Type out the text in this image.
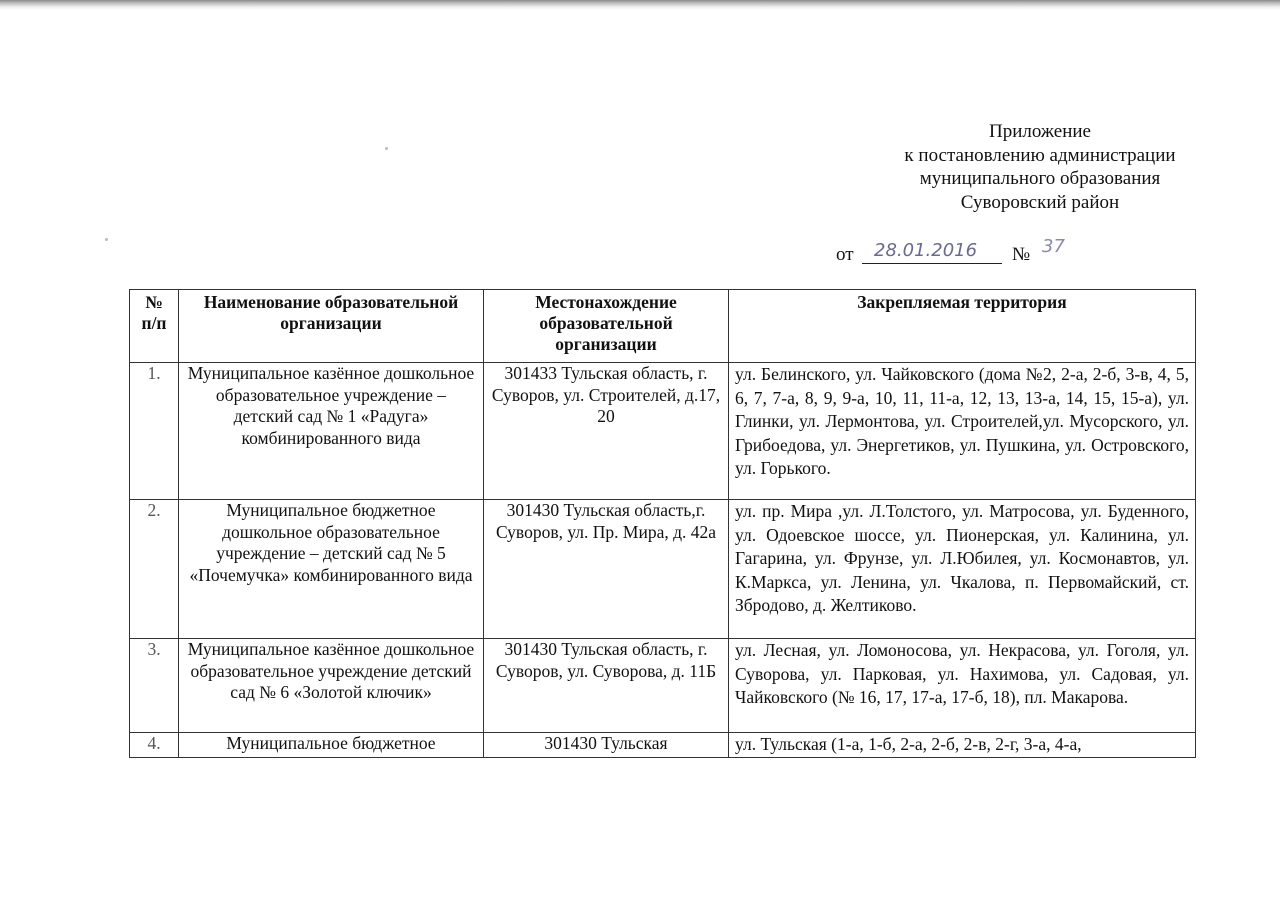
Приложение
к постановлению администрации
муниципального образования
Суворовский район
от	28.01.2016	№ 37
№ п/п	Наименование образовательной организации	Местонахождение образовательной организации	Закрепляемая территория
1.	Муниципальное казённое дошкольное образовательное учреждение – детский сад № 1 «Радуга» комбинированного вида	301433 Тульская область, г. Суворов, ул. Строителей, д.17, 20	ул. Белинского, ул. Чайковского (дома №2, 2-а, 2-б, 3-в, 4, 5, 6, 7, 7-а, 8, 9, 9-а, 10, 11, 11-а, 12, 13, 13-а, 14, 15, 15-а), ул. Глинки, ул. Лермонтова, ул. Строителей,ул. Мусорского, ул. Грибоедова, ул. Энергетиков, ул. Пушкина, ул. Островского, ул. Горького.
2.	Муниципальное бюджетное дошкольное образовательное учреждение – детский сад № 5 «Почемучка» комбинированного вида	301430 Тульская область,г. Суворов, ул. Пр. Мира, д. 42а	ул. пр. Мира ,ул. Л.Толстого, ул. Матросова, ул. Буденного, ул. Одоевское шоссе, ул. Пионерская, ул. Калинина, ул. Гагарина, ул. Фрунзе, ул. Л.Юбилея, ул. Космонавтов, ул. К.Маркса, ул. Ленина, ул. Чкалова, п. Первомайский, ст. Збродово, д. Желтиково.
3.	Муниципальное казённое дошкольное образовательное учреждение детский сад № 6 «Золотой ключик»	301430 Тульская область, г. Суворов, ул. Суворова, д. 11Б	ул. Лесная, ул. Ломоносова, ул. Некрасова, ул. Гоголя, ул. Суворова, ул. Парковая, ул. Нахимова, ул. Садовая, ул. Чайковского (№ 16, 17, 17-а, 17-б, 18), пл. Макарова.
4.	Муниципальное бюджетное	301430 Тульская	ул. Тульская (1-а, 1-б, 2-а, 2-б, 2-в, 2-г, 3-а, 4-а,
